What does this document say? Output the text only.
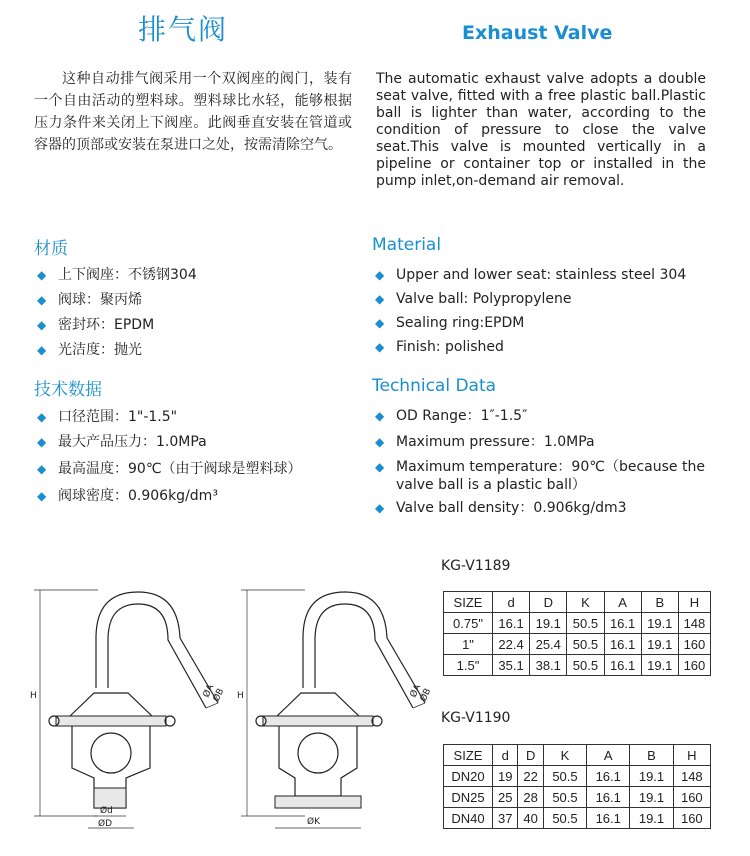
排气阀	Exhaust Valve
这种自动排气阀采用一个双阀座的阀门，装有一个自由活动的塑料球。塑料球比水轻，能够根据压力条件来关闭上下阀座。此阀垂直安装在管道或容器的顶部或安装在泵进口之处，按需清除空气。
The automatic exhaust valve adopts a double seat valve, fitted with a free plastic ball.Plastic ball is lighter than water, according to the condition of pressure to close the valve seat.This valve is mounted vertically in a pipeline or container top or installed in the pump inlet,on-demand air removal.
材质	Material
◆ 上下阀座：不锈钢304
◆ 阀球：聚丙烯
◆ 密封环：EPDM
◆ 光洁度：抛光
◆ Upper and lower seat: stainless steel 304
◆ Valve ball: Polypropylene
◆ Sealing ring:EPDM
◆ Finish: polished
技术数据	Technical Data
◆ 口径范围：1"-1.5"
◆ 最大产品压力：1.0MPa
◆ 最高温度：90℃（由于阀球是塑料球）
◆ 阀球密度：0.906kg/dm³
◆ OD Range：1″-1.5″
◆ Maximum pressure：1.0MPa
◆ Maximum temperature：90℃（because the valve ball is a plastic ball）
◆ Valve ball density：0.906kg/dm3
H
Ød
ØD
ØA
ØB H
ØK
ØA
ØB
KG-V1189
SIZE	d	D	K	A	B	H
0.75"	16.1	19.1	50.5	16.1	19.1	148
1"	22.4	25.4	50.5	16.1	19.1	160
1.5"	35.1	38.1	50.5	16.1	19.1	160
KG-V1190
SIZE	d	D	K	A	B	H
DN20	19	22	50.5	16.1	19.1	148
DN25	25	28	50.5	16.1	19.1	160
DN40	37	40	50.5	16.1	19.1	160
